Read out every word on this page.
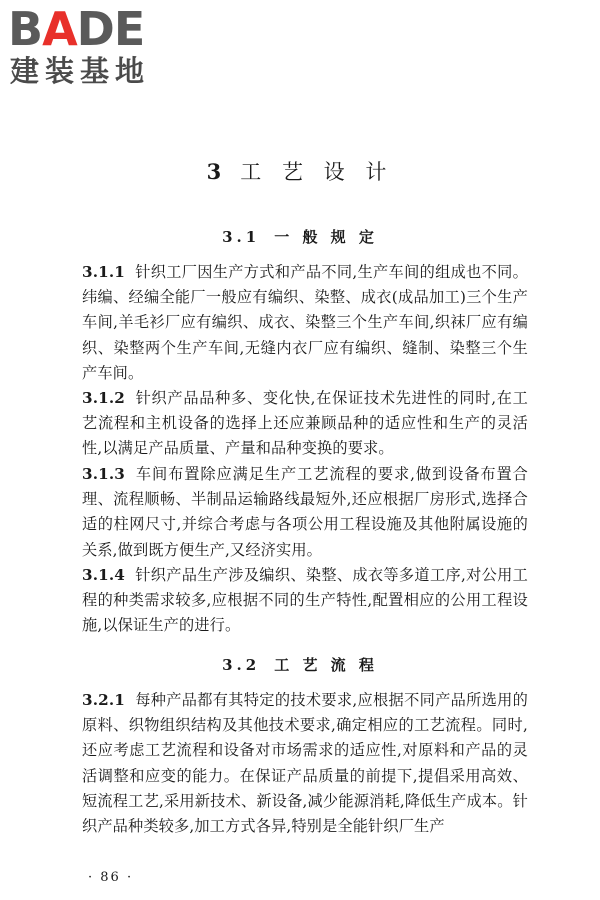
BADE
建装基地
3 工 艺 设 计
3.1 一 般 规 定

3.1.1 针织工厂因生产方式和产品不同,生产车间的组成也不同。纬编、经编全能厂一般应有编织、染整、成衣(成品加工)三个生产车间,羊毛衫厂应有编织、成衣、染整三个生产车间,织袜厂应有编织、染整两个生产车间,无缝内衣厂应有编织、缝制、染整三个生产车间。

3.1.2 针织产品品种多、变化快,在保证技术先进性的同时,在工艺流程和主机设备的选择上还应兼顾品种的适应性和生产的灵活性,以满足产品质量、产量和品种变换的要求。

3.1.3 车间布置除应满足生产工艺流程的要求,做到设备布置合理、流程顺畅、半制品运输路线最短外,还应根据厂房形式,选择合适的柱网尺寸,并综合考虑与各项公用工程设施及其他附属设施的关系,做到既方便生产,又经济实用。

3.1.4 针织产品生产涉及编织、染整、成衣等多道工序,对公用工程的种类需求较多,应根据不同的生产特性,配置相应的公用工程设施,以保证生产的进行。

3.2 工 艺 流 程

3.2.1 每种产品都有其特定的技术要求,应根据不同产品所选用的原料、织物组织结构及其他技术要求,确定相应的工艺流程。同时,还应考虑工艺流程和设备对市场需求的适应性,对原料和产品的灵活调整和应变的能力。在保证产品质量的前提下,提倡采用高效、短流程工艺,采用新技术、新设备,减少能源消耗,降低生产成本。针织产品种类较多,加工方式各异,特别是全能针织厂生产

· 86 ·
